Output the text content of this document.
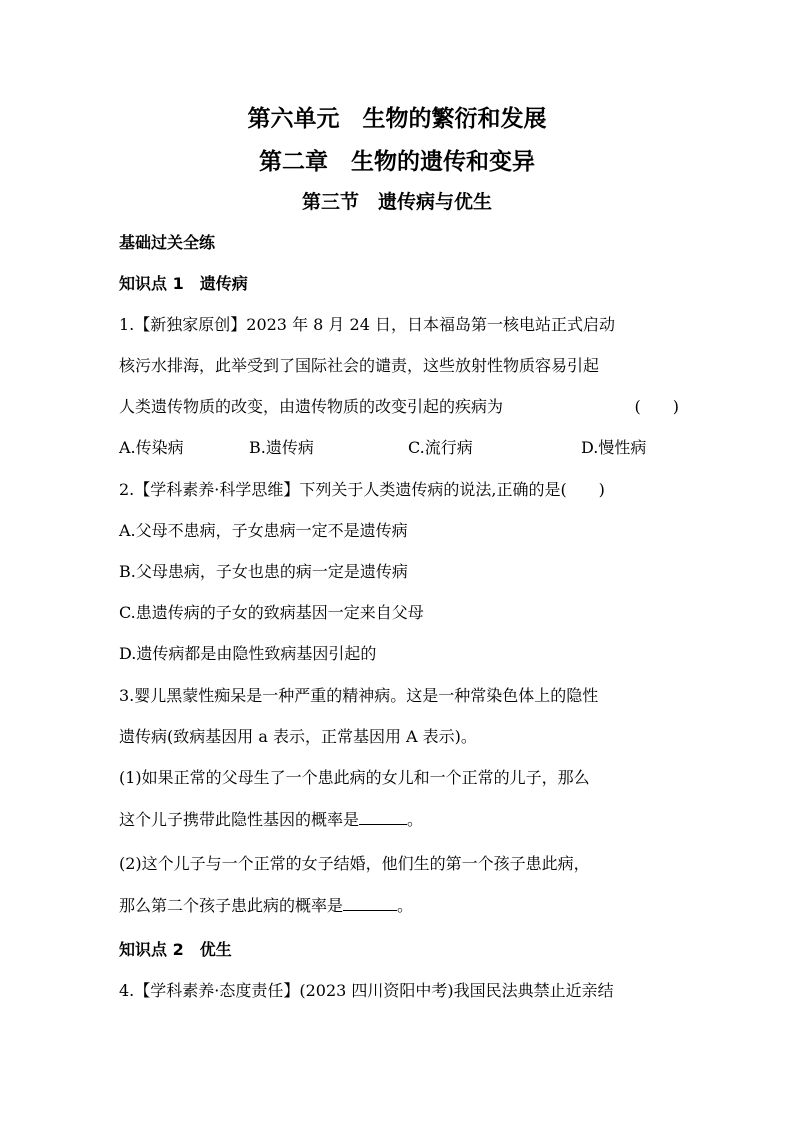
第六单元　生物的繁衍和发展
第二章　生物的遗传和变异
第三节　遗传病与优生
基础过关全练
知识点 1　遗传病
1.【新独家原创】2023 年 8 月 24 日，日本福岛第一核电站正式启动
核污水排海，此举受到了国际社会的谴责，这些放射性物质容易引起
人类遗传物质的改变，由遗传物质的改变引起的疾病为	(　　)
A.传染病	B.遗传病	C.流行病	D.慢性病
2.【学科素养·科学思维】下列关于人类遗传病的说法,正确的是(　　)
A.父母不患病，子女患病一定不是遗传病
B.父母患病，子女也患的病一定是遗传病
C.患遗传病的子女的致病基因一定来自父母
D.遗传病都是由隐性致病基因引起的
3.婴儿黑蒙性痴呆是一种严重的精神病。这是一种常染色体上的隐性
遗传病(致病基因用 a 表示，正常基因用 A 表示)。
(1)如果正常的父母生了一个患此病的女儿和一个正常的儿子，那么
这个儿子携带此隐性基因的概率是	。
(2)这个儿子与一个正常的女子结婚，他们生的第一个孩子患此病，
那么第二个孩子患此病的概率是	。
知识点 2　优生
4.【学科素养·态度责任】(2023 四川资阳中考)我国民法典禁止近亲结
